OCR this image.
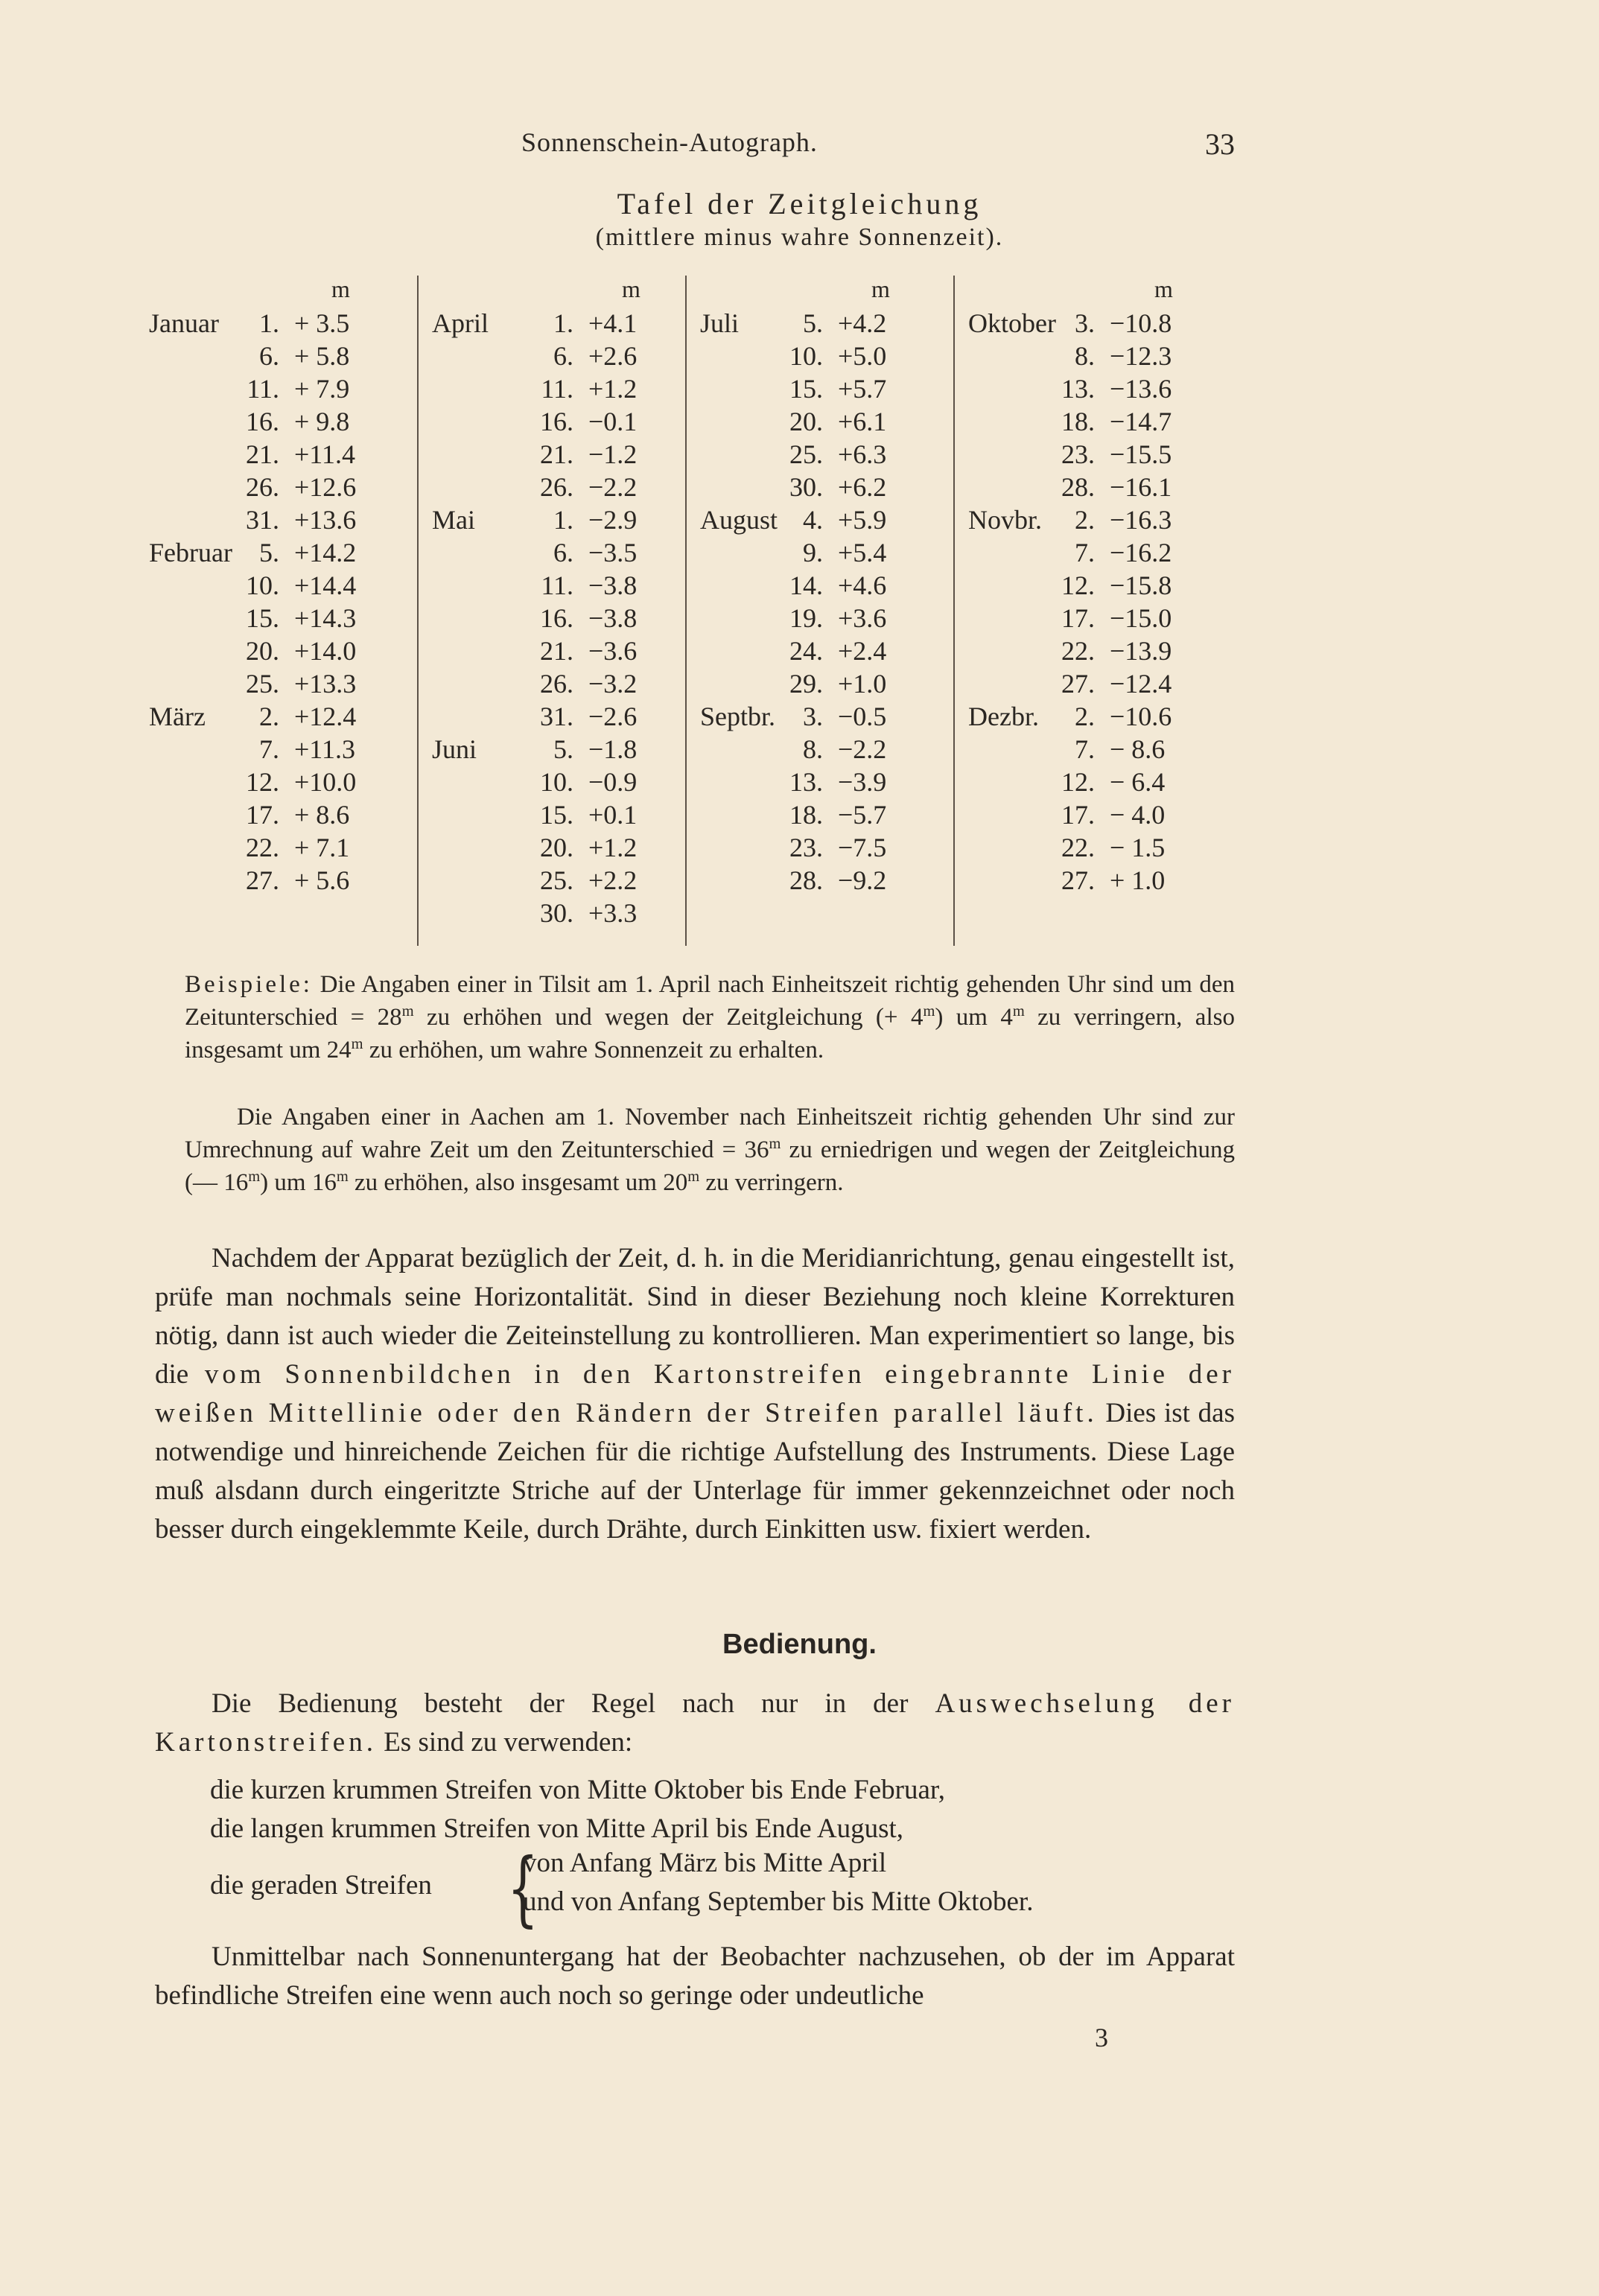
Sonnenschein-Autograph.	33
Tafel der Zeitgleichung
(mittlere minus wahre Sonnenzeit).
m
Januar	1. + 3.5
6. + 5.8
11. + 7.9
16. + 9.8
21. +11.4
26. +12.6
31. +13.6
Februar	5. +14.2
10. +14.4
15. +14.3
20. +14.0
25. +13.3
März	2. +12.4
7. +11.3
12. +10.0
17. + 8.6
22. + 7.1
27. + 5.6
m
April	1. +4.1
6. +2.6
11. +1.2
16. −0.1
21. −1.2
26. −2.2
Mai	1. −2.9
6. −3.5
11. −3.8
16. −3.8
21. −3.6
26. −3.2
31. −2.6
Juni	5. −1.8
10. −0.9
15. +0.1
20. +1.2
25. +2.2
30. +3.3
m
Juli	5. +4.2
10. +5.0
15. +5.7
20. +6.1
25. +6.3
30. +6.2
August 4. +5.9
9. +5.4
14. +4.6
19. +3.6
24. +2.4
29. +1.0
Septbr.	3. −0.5
8. −2.2
13. −3.9
18. −5.7
23. −7.5
28. −9.2
m
Oktober 3. −10.8
8. −12.3
13. −13.6
18. −14.7
23. −15.5
28. −16.1
Novbr.	2. −16.3
7. −16.2
12. −15.8
17. −15.0
22. −13.9
27. −12.4
Dezbr.	2. −10.6
7. − 8.6
12. − 6.4
17. − 4.0
22. − 1.5
27. + 1.0
Beispiele: Die Angaben einer in Tilsit am 1. April nach Einheitszeit richtig gehenden Uhr sind um den Zeitunterschied = $28^m$ zu erhöhen und wegen der Zeitgleichung (+ $4^m$) um 4$^m$ zu verringern, also insgesamt um 24$^m$ zu erhöhen, um wahre Sonnenzeit zu erhalten.
Die Angaben einer in Aachen am 1. November nach Einheitszeit richtig gehenden Uhr sind zur Umrechnung auf wahre Zeit um den Zeitunterschied = $36^m$ zu erniedrigen und wegen der Zeitgleichung (— 16$^m$) um 16$^m$ zu erhöhen, also insgesamt um 20$^m$ zu verringern.
Nachdem der Apparat bezüglich der Zeit, d. h. in die Meridianrichtung, genau eingestellt ist, prüfe man nochmals seine Horizontalität. Sind in dieser Beziehung noch kleine Korrekturen nötig, dann ist auch wieder die Zeiteinstellung zu kontrollieren. Man experimentiert so lange, bis die vom Sonnenbildchen in den Kartonstreifen eingebrannte Linie der weißen Mittellinie oder den Rändern der Streifen parallel läuft. Dies ist das notwendige und hinreichende Zeichen für die richtige Aufstellung des Instruments. Diese Lage muß alsdann durch eingeritzte Striche auf der Unterlage für immer gekennzeichnet oder noch besser durch eingeklemmte Keile, durch Drähte, durch Einkitten usw. fixiert werden.
Bedienung.
Die Bedienung besteht der Regel nach nur in der Auswechselung der Kartonstreifen. Es sind zu verwenden:
die kurzen krummen Streifen von Mitte Oktober bis Ende Februar,
die langen krummen Streifen von Mitte April bis Ende August,
die geraden Streifen {
von Anfang März bis Mitte April
und von Anfang September bis Mitte Oktober.
Unmittelbar nach Sonnenuntergang hat der Beobachter nachzusehen, ob der im Apparat befindliche Streifen eine wenn auch noch so geringe oder undeutliche
3
